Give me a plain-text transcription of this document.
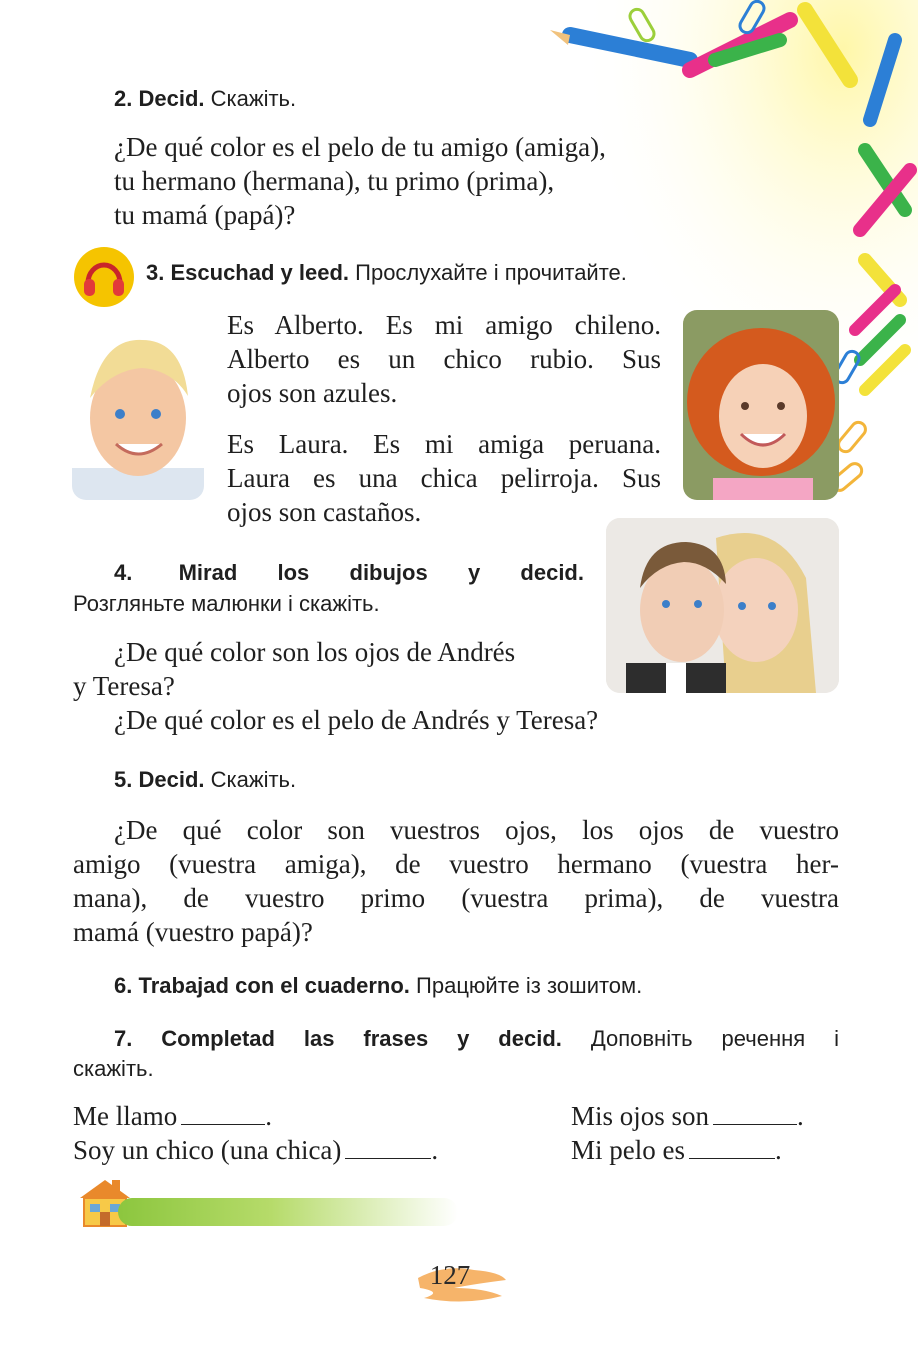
2. Decid. Скажіть.
¿De qué color es el pelo de tu amigo (amiga),
tu hermano (hermana), tu primo (prima),
tu mamá (papá)?
3. Escuchad y leed. Прослухайте і прочитайте.
Es Alberto. Es mi amigo chileno.
Alberto es un chico rubio. Sus
ojos son azules.
Es Laura. Es mi amiga peruana.
Laura es una chica pelirroja. Sus
ojos son castaños.
4. Mirad los dibujos y decid.
Розгляньте малюнки і скажіть.
¿De qué color son los ojos de Andrés
y Teresa?
¿De qué color es el pelo de Andrés y Teresa?
5. Decid. Скажіть.
¿De qué color son vuestros ojos, los ojos de vuestro
amigo (vuestra amiga), de vuestro hermano (vuestra her-
mana), de vuestro primo (vuestra prima), de vuestra
mamá (vuestro papá)?
6. Trabajad con el cuaderno. Працюйте із зошитом.
7. Completad las frases y decid. Доповніть речення і
скажіть.
Me llamo	.
Soy un chico (una chica)	.
Mis ojos son	.
Mi pelo es	.
127
